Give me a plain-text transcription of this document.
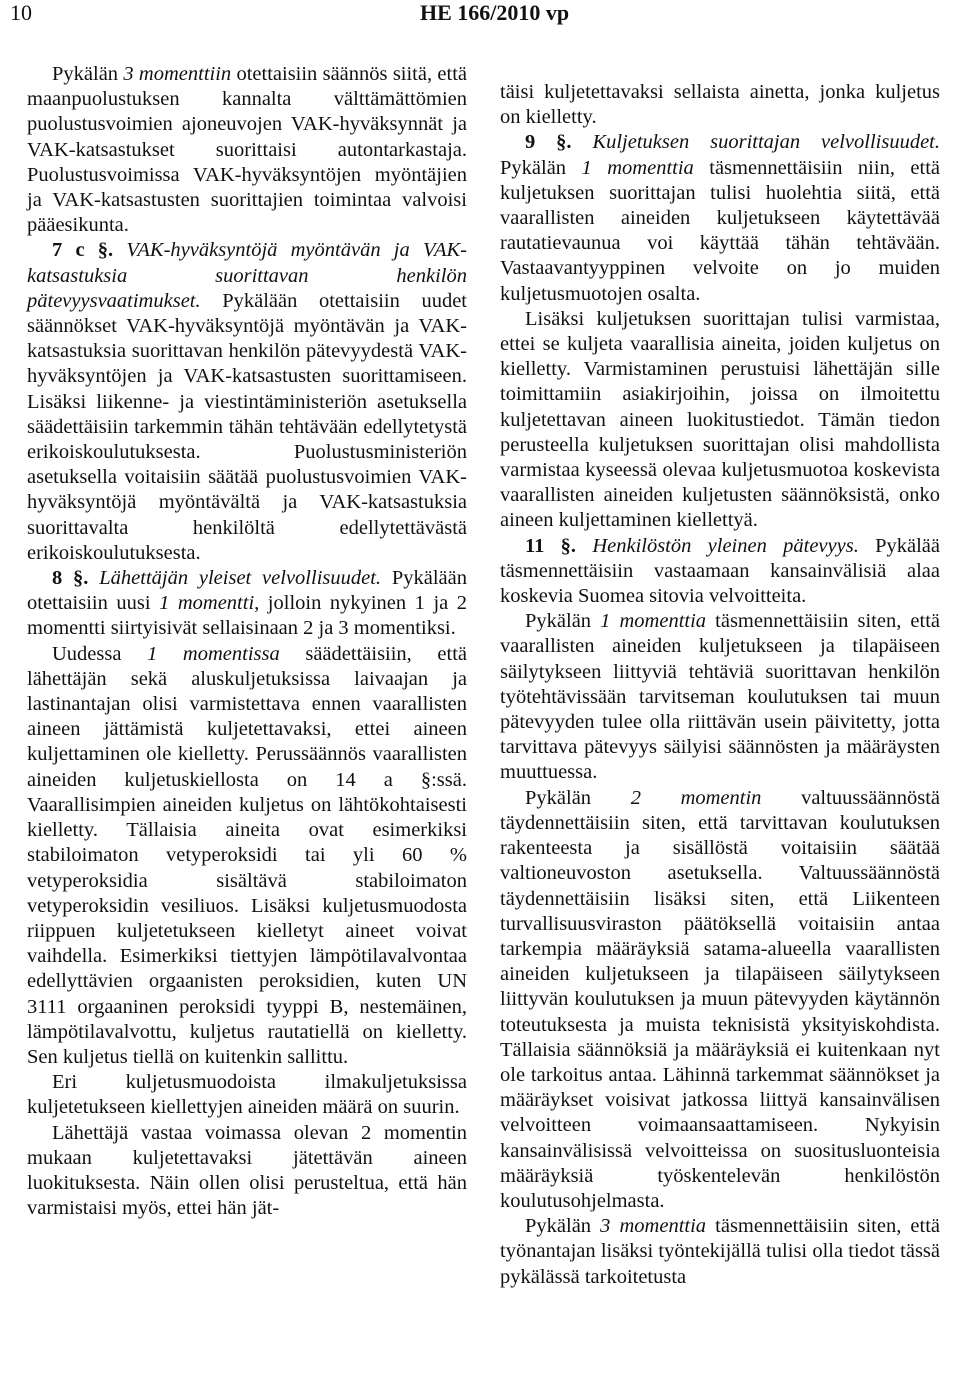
10	HE 166/2010 vp

Pykälän 3 momenttiin otettaisiin säännös siitä, että maanpuolustuksen kannalta välttämättömien puolustusvoimien ajoneuvojen VAK-hyväksynnät ja VAK-katsastukset suorittaisi autontarkastaja. Puolustusvoimissa VAK-hyväksyntöjen myöntäjien ja VAK-katsastusten suorittajien toimintaa valvoisi pääesikunta.

7 c §. VAK-hyväksyntöjä myöntävän ja VAK-katsastuksia suorittavan henkilön pätevyysvaatimukset. Pykälään otettaisiin uudet säännökset VAK-hyväksyntöjä myöntävän ja VAK-katsastuksia suorittavan henkilön pätevyydestä VAK-hyväksyntöjen ja VAK-katsastusten suorittamiseen. Lisäksi liikenne- ja viestintäministeriön asetuksella säädettäisiin tarkemmin tähän tehtävään edellytetystä erikoiskoulutuksesta. Puolustusministeriön asetuksella voitaisiin säätää puolustusvoimien VAK-hyväksyntöjä myöntävältä ja VAK-katsastuksia suorittavalta henkilöltä edellytettävästä erikoiskoulutuksesta.

8 §. Lähettäjän yleiset velvollisuudet. Pykälään otettaisiin uusi 1 momentti, jolloin nykyinen 1 ja 2 momentti siirtyisivät sellaisinaan 2 ja 3 momentiksi.

Uudessa 1 momentissa säädettäisiin, että lähettäjän sekä aluskuljetuksissa laivaajan ja lastinantajan olisi varmistettava ennen vaarallisten aineen jättämistä kuljetettavaksi, ettei aineen kuljettaminen ole kielletty. Perussäännös vaarallisten aineiden kuljetuskiellosta on 14 a §:ssä. Vaarallisimpien aineiden kuljetus on lähtökohtaisesti kielletty. Tällaisia aineita ovat esimerkiksi stabiloimaton vetyperoksidi tai yli 60 % vetyperoksidia sisältävä stabiloimaton vetyperoksidin vesiliuos. Lisäksi kuljetusmuodosta riippuen kuljetetukseen kielletyt aineet voivat vaihdella. Esimerkiksi tiettyjen lämpötilavalvontaa edellyttävien orgaanisten peroksidien, kuten UN 3111 orgaaninen peroksidi tyyppi B, nestemäinen, lämpötilavalvottu, kuljetus rautatiellä on kielletty. Sen kuljetus tiellä on kuitenkin sallittu.

Eri kuljetusmuodoista ilmakuljetuksissa kuljetetukseen kiellettyjen aineiden määrä on suurin.

Lähettäjä vastaa voimassa olevan 2 momentin mukaan kuljetettavaksi jätettävän aineen luokituksesta. Näin ollen olisi perusteltua, että hän varmistaisi myös, ettei hän jät-

täisi kuljetettavaksi sellaista ainetta, jonka kuljetus on kielletty.

9 §. Kuljetuksen suorittajan velvollisuudet. Pykälän 1 momenttia täsmennettäisiin niin, että kuljetuksen suorittajan tulisi huolehtia siitä, että vaarallisten aineiden kuljetukseen käytettävää rautatievaunua voi käyttää tähän tehtävään. Vastaavantyyppinen velvoite on jo muiden kuljetusmuotojen osalta.

Lisäksi kuljetuksen suorittajan tulisi varmistaa, ettei se kuljeta vaarallisia aineita, joiden kuljetus on kielletty. Varmistaminen perustuisi lähettäjän sille toimittamiin asiakirjoihin, joissa on ilmoitettu kuljetettavan aineen luokitustiedot. Tämän tiedon perusteella kuljetuksen suorittajan olisi mahdollista varmistaa kyseessä olevaa kuljetusmuotoa koskevista vaarallisten aineiden kuljetusten säännöksistä, onko aineen kuljettaminen kiellettyä.

11 §. Henkilöstön yleinen pätevyys. Pykälää täsmennettäisiin vastaamaan kansainvälisiä alaa koskevia Suomea sitovia velvoitteita.

Pykälän 1 momenttia täsmennettäisiin siten, että vaarallisten aineiden kuljetukseen ja tilapäiseen säilytykseen liittyviä tehtäviä suorittavan henkilön työtehtävissään tarvitseman koulutuksen tai muun pätevyyden tulee olla riittävän usein päivitetty, jotta tarvittava pätevyys säilyisi säännösten ja määräysten muuttuessa.

Pykälän 2 momentin valtuussäännöstä täydennettäisiin siten, että tarvittavan koulutuksen rakenteesta ja sisällöstä voitaisiin säätää valtioneuvoston asetuksella. Valtuussäännöstä täydennettäisiin lisäksi siten, että Liikenteen turvallisuusviraston päätöksellä voitaisiin antaa tarkempia määräyksiä satama-alueella vaarallisten aineiden kuljetukseen ja tilapäiseen säilytykseen liittyvän koulutuksen ja muun pätevyyden käytännön toteutuksesta ja muista teknisistä yksityiskohdista. Tällaisia säännöksiä ja määräyksiä ei kuitenkaan nyt ole tarkoitus antaa. Lähinnä tarkemmat säännökset ja määräykset voisivat jatkossa liittyä kansainvälisen velvoitteen voimaansaattamiseen. Nykyisin kansainvälisissä velvoitteissa on suositusluonteisia määräyksiä työskentelevän henkilöstön koulutusohjelmasta.

Pykälän 3 momenttia täsmennettäisiin siten, että työnantajan lisäksi työntekijällä tulisi olla tiedot tässä pykälässä tarkoitetusta
